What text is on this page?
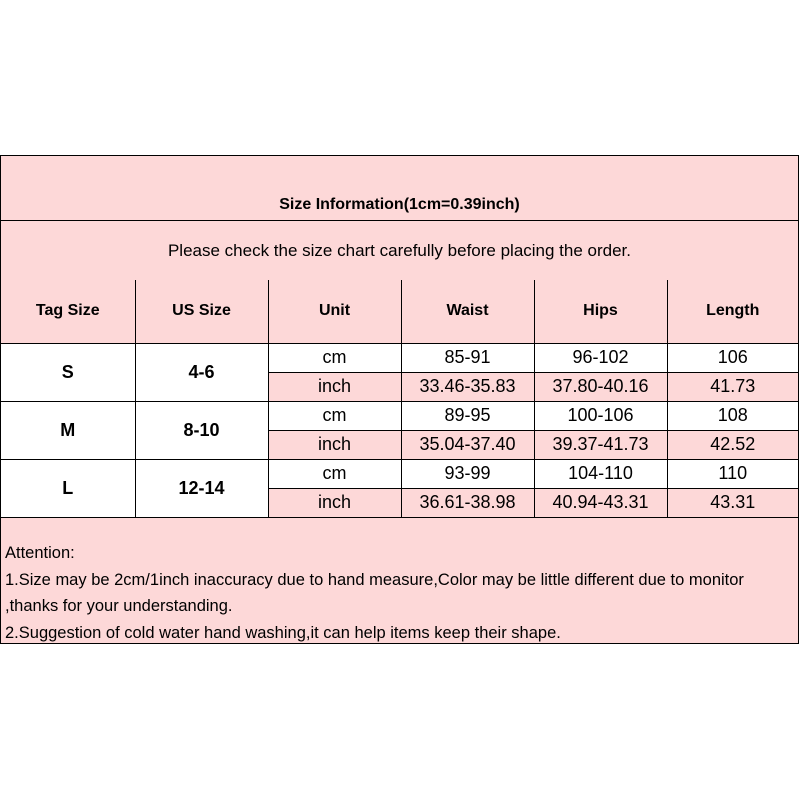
Size Information(1cm=0.39inch)
Please check the size chart carefully before placing the order.
Tag Size	US Size	Unit	Waist	Hips	Length
S	4-6	cm	85-91	96-102	106
		inch	33.46-35.83	37.80-40.16	41.73
M	8-10	cm	89-95	100-106	108
		inch	35.04-37.40	39.37-41.73	42.52
L	12-14	cm	93-99	104-110	110
		inch	36.61-38.98	40.94-43.31	43.31
Attention:
1.Size may be 2cm/1inch inaccuracy due to hand measure,Color may be little different due to monitor ,thanks for your understanding.
2.Suggestion of cold water hand washing,it can help items keep their shape.
